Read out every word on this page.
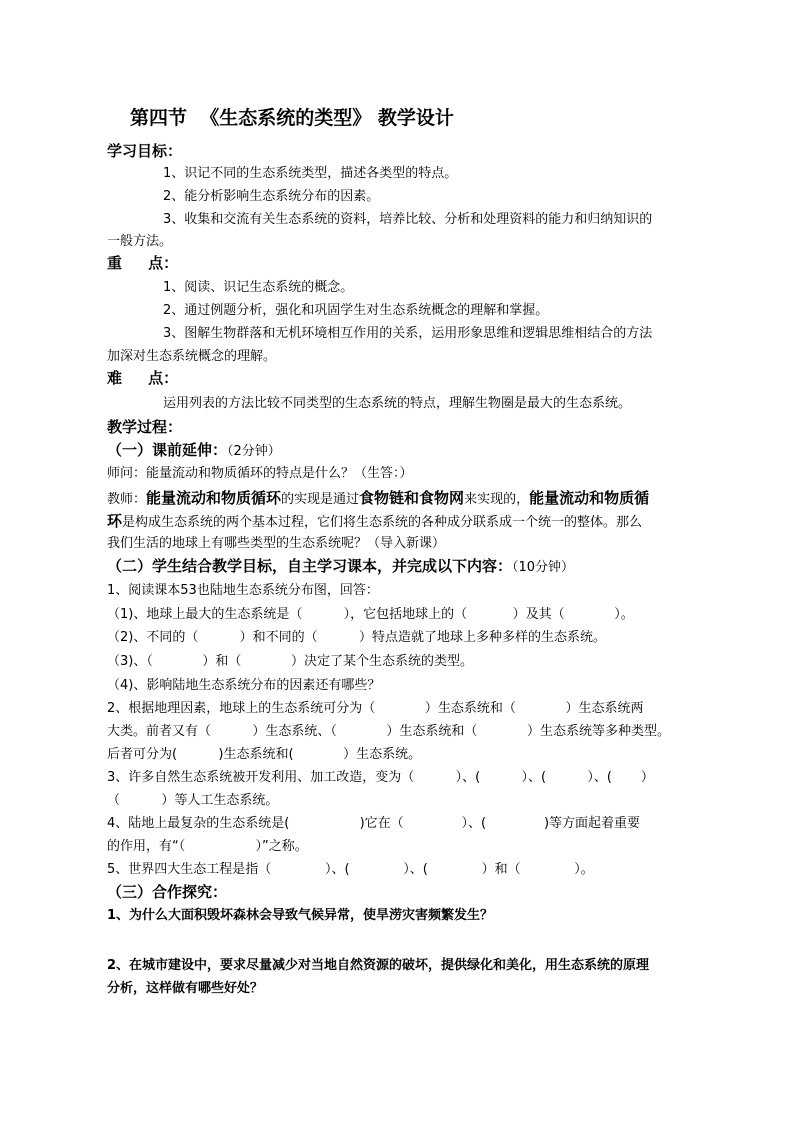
第四节  《生态系统的类型》 教学设计
学习目标：
1、识记不同的生态系统类型，描述各类型的特点。
2、能分析影响生态系统分布的因素。
3、收集和交流有关生态系统的资料，培养比较、分析和处理资料的能力和归纳知识的
一般方法。
重     点：
1、阅读、识记生态系统的概念。
2、通过例题分析，强化和巩固学生对生态系统概念的理解和掌握。
3、图解生物群落和无机环境相互作用的关系，运用形象思维和逻辑思维相结合的方法
加深对生态系统概念的理解。
难     点：
运用列表的方法比较不同类型的生态系统的特点，理解生物圈是最大的生态系统。
教学过程：
（一）课前延伸：（2分钟）
师问：能量流动和物质循环的特点是什么？（生答：）
教师：能量流动和物质循环的实现是通过食物链和食物网来实现的，能量流动和物质循
环是构成生态系统的两个基本过程，它们将生态系统的各种成分联系成一个统一的整体。那么
我们生活的地球上有哪些类型的生态系统呢？（导入新课）
（二）学生结合教学目标，自主学习课本，并完成以下内容：（10分钟）
1、阅读课本53也陆地生态系统分布图，回答：
（1)、地球上最大的生态系统是（          ），它包括地球上的（           ）及其（            ）。
（2)、不同的（          ）和不同的（          ）特点造就了地球上多种多样的生态系统。
（3)、（            ）和（            ）决定了某个生态系统的类型。
（4)、影响陆地生态系统分布的因素还有哪些？
2、根据地理因素，地球上的生态系统可分为（            ）生态系统和（            ）生态系统两
大类。前者又有（          ）生态系统、（            ）生态系统和（            ）生态系统等多种类型。
后者可分为(          )生态系统和(            ）生态系统。
3、许多自然生态系统被开发利用、加工改造，变为（          ）、(          ）、(          ）、(       ）
（          ）等人工生态系统。
4、陆地上最复杂的生态系统是(                 )它在（              ）、(              )等方面起着重要
的作用，有“（                 ）”之称。
5、世界四大生态工程是指（             ）、(             ）、(             ）和（             ）。
（三）合作探究：
1、为什么大面积毁坏森林会导致气候异常，使旱涝灾害频繁发生？
2、在城市建设中，要求尽量减少对当地自然资源的破坏，提供绿化和美化，用生态系统的原理
分析，这样做有哪些好处？
